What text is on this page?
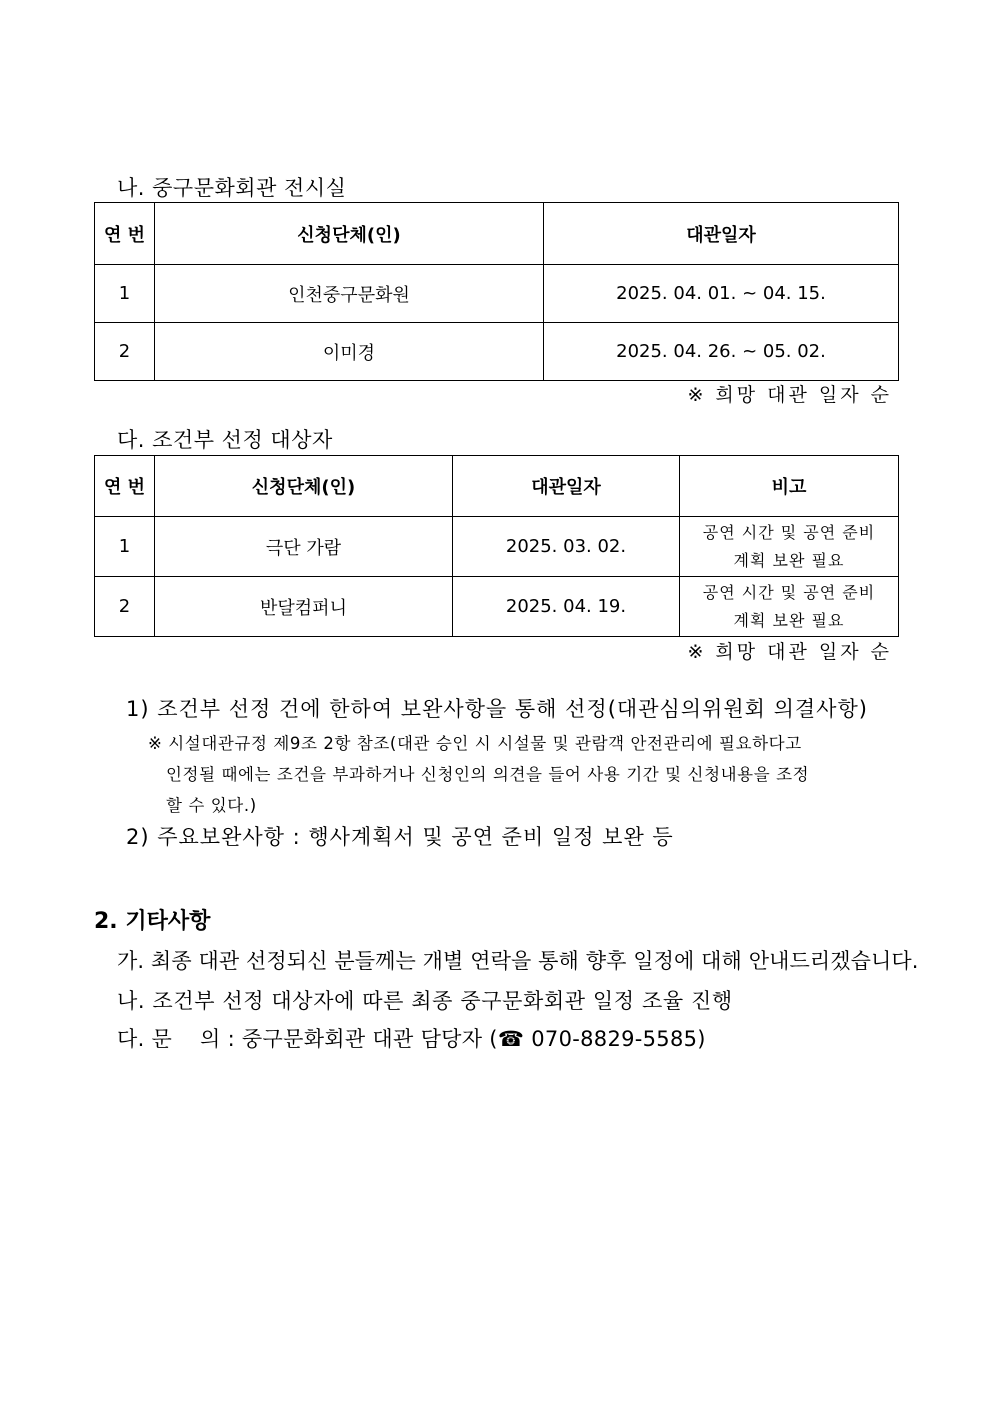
나. 중구문화회관 전시실
연 번	신청단체(인)	대관일자
1	인천중구문화원	2025. 04. 01. ~ 04. 15.
2	이미경	2025. 04. 26. ~ 05. 02.
※ 희망 대관 일자 순
다. 조건부 선정 대상자
연 번	신청단체(인)	대관일자	비고
1	극단 가람	2025. 03. 02.	공연 시간 및 공연 준비
계획 보완 필요

2	반달컴퍼니	2025. 04. 19.	공연 시간 및 공연 준비
계획 보완 필요
※ 희망 대관 일자 순
1) 조건부 선정 건에 한하여 보완사항을 통해 선정(대관심의위원회 의결사항)
※ 시설대관규정 제9조 2항 참조(대관 승인 시 시설물 및 관람객 안전관리에 필요하다고
인정될 때에는 조건을 부과하거나 신청인의 의견을 들어 사용 기간 및 신청내용을 조정
할 수 있다.)
2) 주요보완사항 : 행사계획서 및 공연 준비 일정 보완 등
2. 기타사항
가. 최종 대관 선정되신 분들께는 개별 연락을 통해 향후 일정에 대해 안내드리겠습니다.
나. 조건부 선정 대상자에 따른 최종 중구문화회관 일정 조율 진행
다. 문    의 : 중구문화회관 대관 담당자 (☎ 070-8829-5585)
